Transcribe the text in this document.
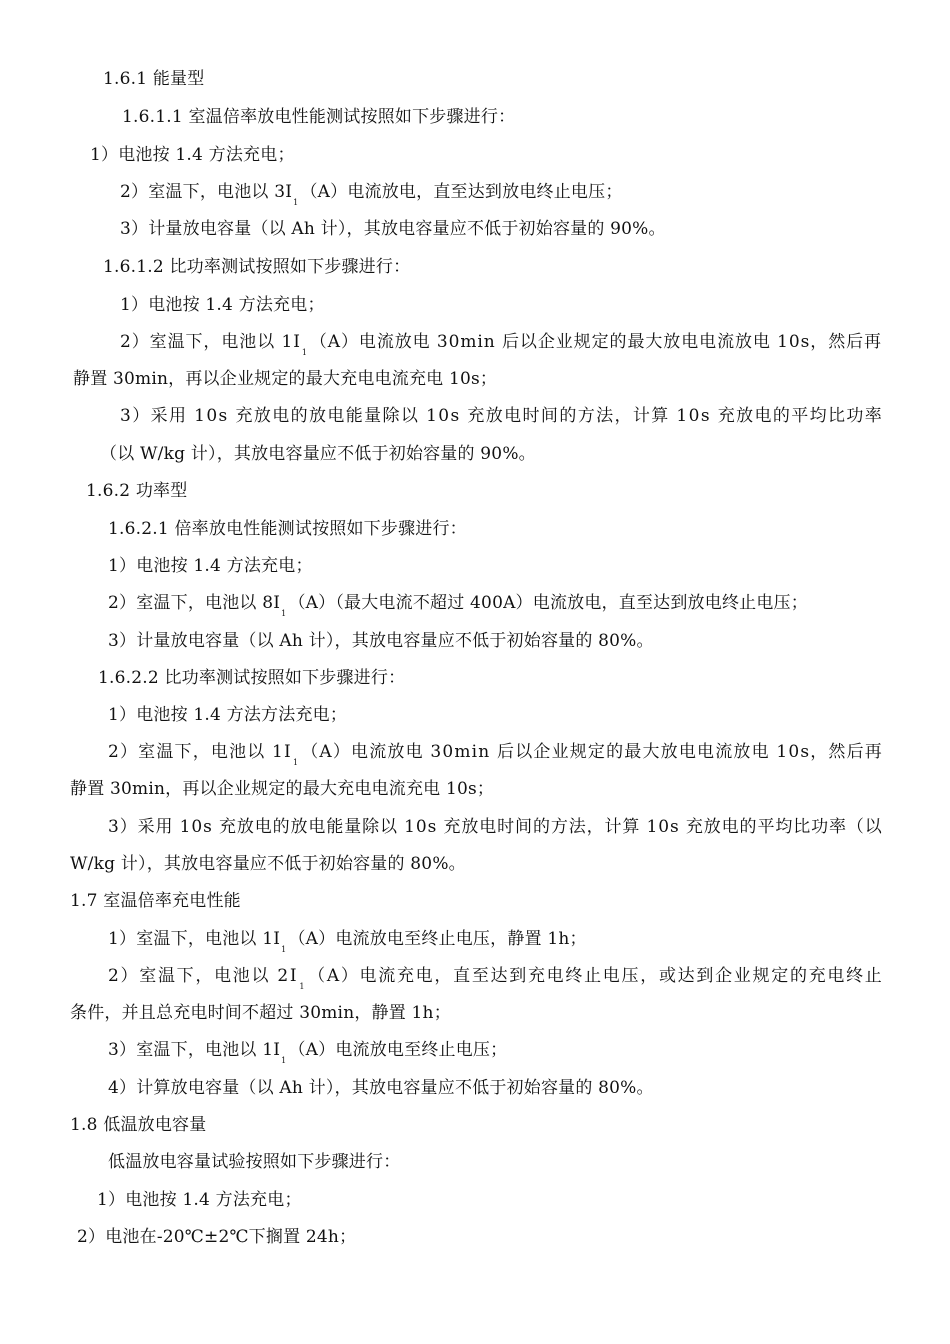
1.6.1 能量型
1.6.1.1 室温倍率放电性能测试按照如下步骤进行：
1）电池按 1.4 方法充电；
2）室温下，电池以 $3I_1(A)$电流放电，直至达到放电终止电压；
3）计量放电容量（以 Ah 计），其放电容量应不低于初始容量的 90%。
1.6.1.2 比功率测试按照如下步骤进行：
1）电池按 1.4 方法充电；
2）室温下，电池以 $1I_1(A)$电流放电 30min 后以企业规定的最大放电电流放电 10s，然后再
静置 30min，再以企业规定的最大充电电流充电 10s；
3）采用 10s 充放电的放电能量除以 10s 充放电时间的方法，计算 10s 充放电的平均比功率
（以 W/kg 计），其放电容量应不低于初始容量的 90%。
1.6.2 功率型
1.6.2.1 倍率放电性能测试按照如下步骤进行：
1）电池按 1.4 方法充电；
2）室温下，电池以 $8I_1(A)$（最大电流不超过 400A）电流放电，直至达到放电终止电压；
3）计量放电容量（以 Ah 计），其放电容量应不低于初始容量的 80%。
1.6.2.2 比功率测试按照如下步骤进行：
1）电池按 1.4 方法方法充电；
2）室温下，电池以 $1I_1(A)$电流放电 30min 后以企业规定的最大放电电流放电 10s，然后再
静置 30min，再以企业规定的最大充电电流充电 10s；
3）采用 10s 充放电的放电能量除以 10s 充放电时间的方法，计算 10s 充放电的平均比功率（以
W/kg 计），其放电容量应不低于初始容量的 80%。
1.7 室温倍率充电性能
1）室温下，电池以 $1I_1(A)$电流放电至终止电压，静置 1h；
2）室温下，电池以 $2I_1(A)$电流充电，直至达到充电终止电压，或达到企业规定的充电终止
条件，并且总充电时间不超过 30min，静置 1h；
3）室温下，电池以 $1I_1(A)$电流放电至终止电压；
4）计算放电容量（以 Ah 计），其放电容量应不低于初始容量的 80%。
1.8 低温放电容量
低温放电容量试验按照如下步骤进行：
1）电池按 1.4 方法充电；
2）电池在-20℃±2℃下搁置 24h；
